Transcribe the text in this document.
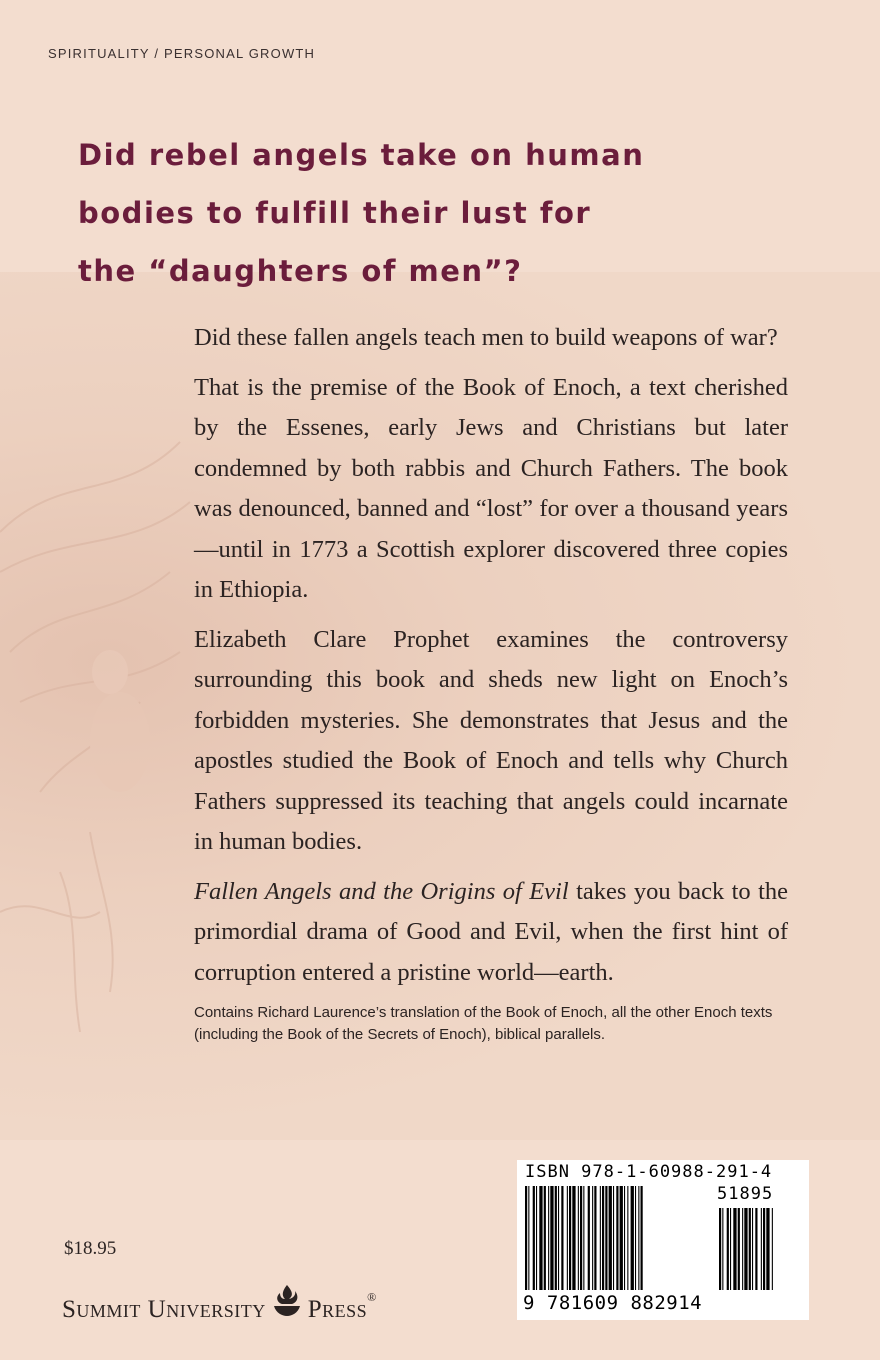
SPIRITUALITY / PERSONAL GROWTH
Did rebel angels take on human
bodies to fulfill their lust for
the “daughters of men”?

Did these fallen angels teach men to build weapons of war?

That is the premise of the Book of Enoch, a text cherished by the Essenes, early Jews and Christians but later condemned by both rabbis and Church Fathers. The book was denounced, banned and “lost” for over a thousand years—until in 1773 a Scottish explorer discovered three copies in Ethiopia.

Elizabeth Clare Prophet examines the controversy surrounding this book and sheds new light on Enoch’s forbidden mysteries. She demonstrates that Jesus and the apostles studied the Book of Enoch and tells why Church Fathers suppressed its teaching that angels could incarnate in human bodies.

Fallen Angels and the Origins of Evil takes you back to the primordial drama of Good and Evil, when the first hint of corruption entered a pristine world—earth.

Contains Richard Laurence’s translation of the Book of Enoch, all the other Enoch texts (including the Book of the Secrets of Enoch), biblical parallels.

$18.95
Summit University Press ®
ISBN 978-1-60988-291-4
51895
9 781609 882914
